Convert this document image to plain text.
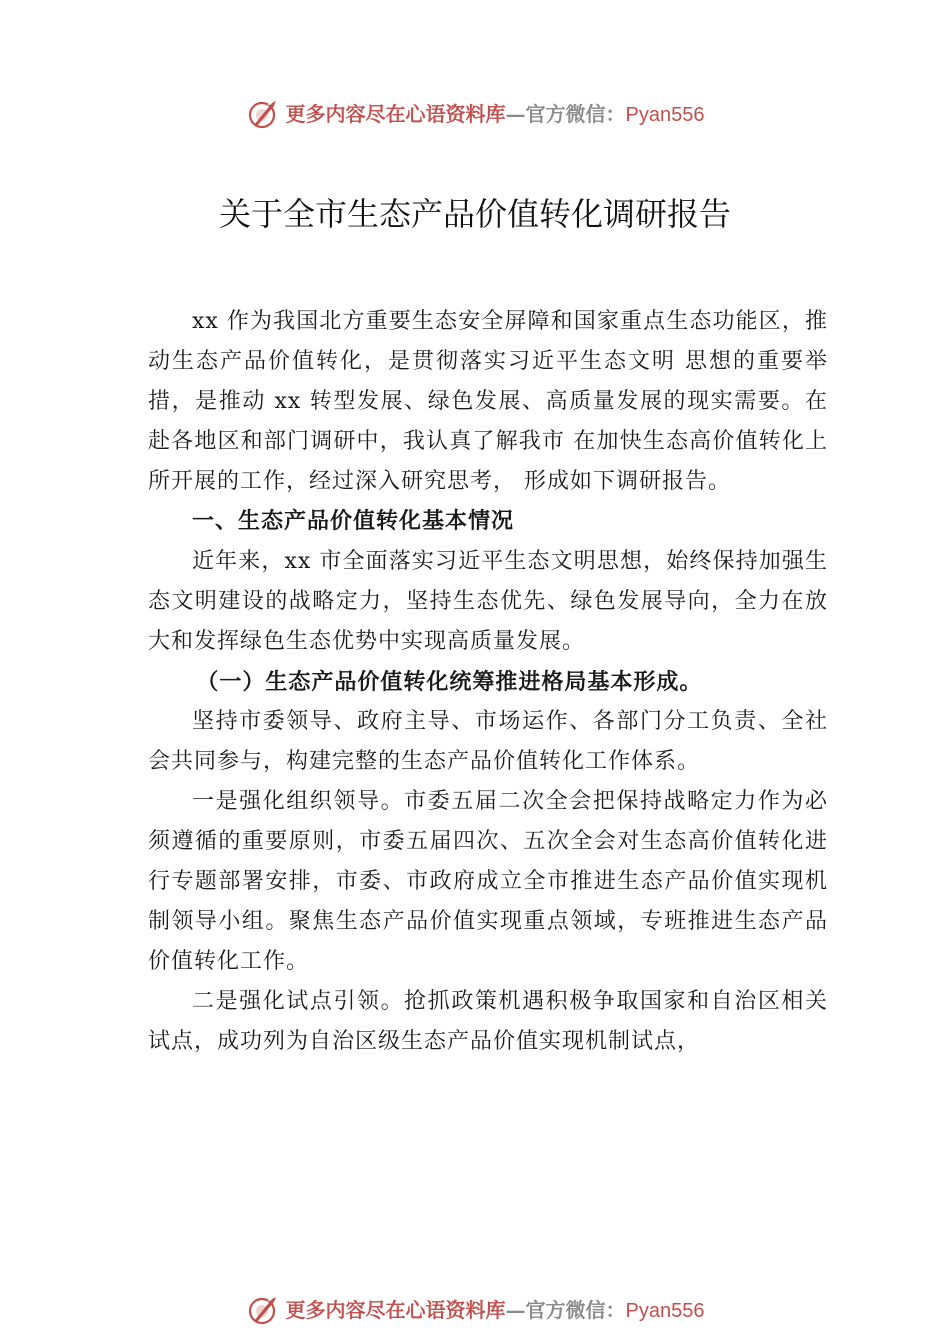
更多内容尽在心语资料库—官方微信：Pyan556
关于全市生态产品价值转化调研报告

xx 作为我国北方重要生态安全屏障和国家重点生态功能区，推动生态产品价值转化，是贯彻落实习近平生态文明 思想的重要举措，是推动 xx 转型发展、绿色发展、高质量发展的现实需要。在赴各地区和部门调研中，我认真了解我市 在加快生态高价值转化上所开展的工作，经过深入研究思考， 形成如下调研报告。

一、生态产品价值转化基本情况

近年来，xx 市全面落实习近平生态文明思想，始终保持加强生态文明建设的战略定力，坚持生态优先、绿色发展导向，全力在放大和发挥绿色生态优势中实现高质量发展。

（一）生态产品价值转化统筹推进格局基本形成。

坚持市委领导、政府主导、市场运作、各部门分工负责、全社会共同参与，构建完整的生态产品价值转化工作体系。

一是强化组织领导。市委五届二次全会把保持战略定力作为必须遵循的重要原则，市委五届四次、五次全会对生态高价值转化进行专题部署安排，市委、市政府成立全市推进生态产品价值实现机制领导小组。聚焦生态产品价值实现重点领域，专班推进生态产品价值转化工作。

二是强化试点引领。抢抓政策机遇积极争取国家和自治区相关试点，成功列为自治区级生态产品价值实现机制试点，

更多内容尽在心语资料库—官方微信：Pyan556
